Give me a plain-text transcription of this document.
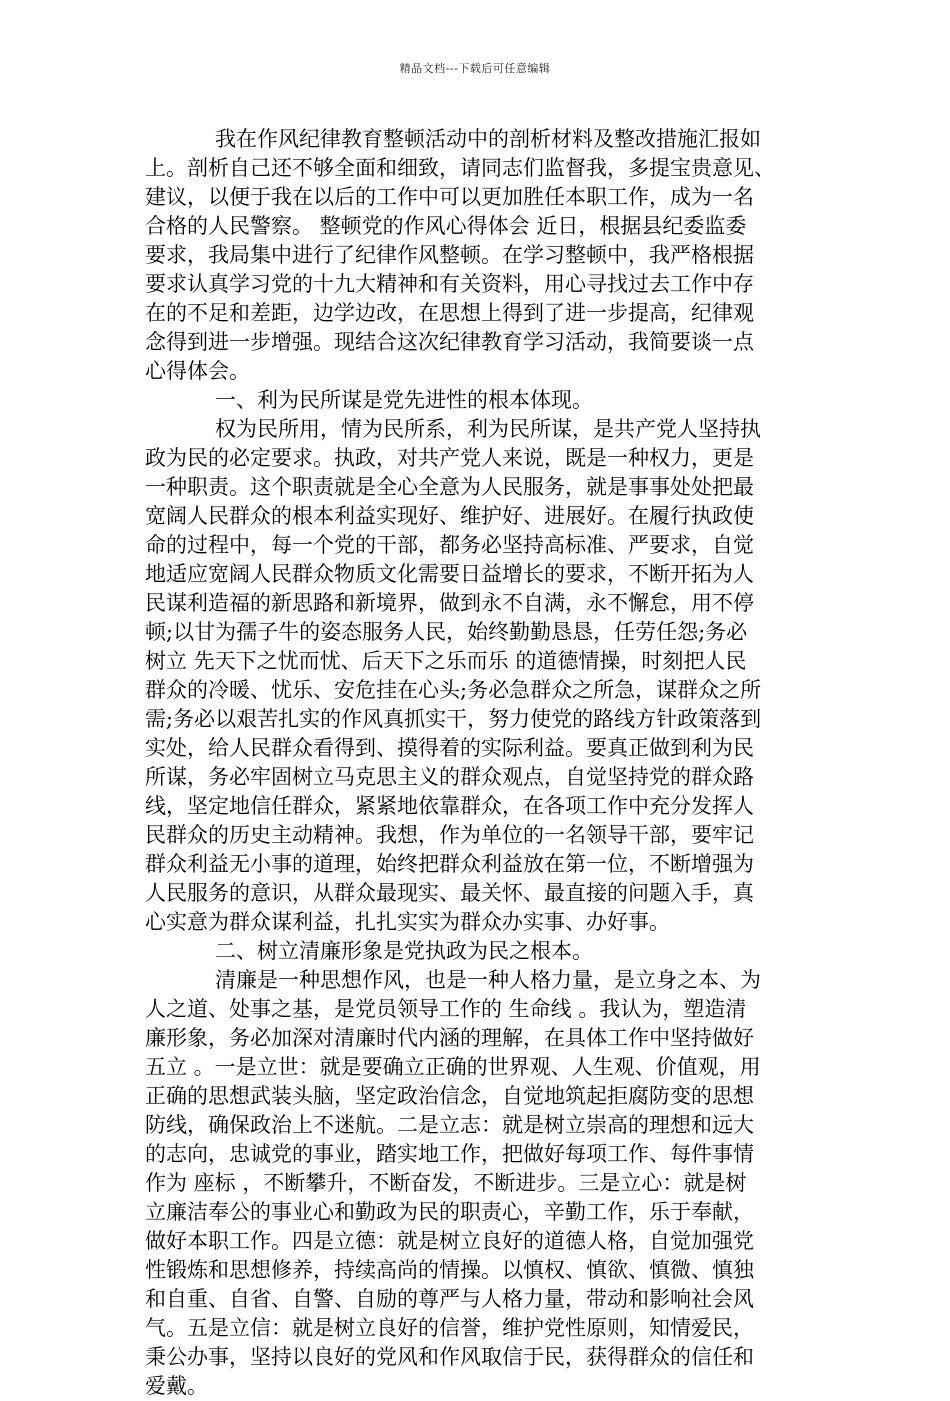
精品文档---下载后可任意编辑
我在作风纪律教育整顿活动中的剖析材料及整改措施汇报如
上。剖析自己还不够全面和细致，请同志们监督我，多提宝贵意见、
建议，以便于我在以后的工作中可以更加胜任本职工作，成为一名
合格的人民警察。 整顿党的作风心得体会 近日，根据县纪委监委
要求，我局集中进行了纪律作风整顿。在学习整顿中，我严格根据
要求认真学习党的十九大精神和有关资料，用心寻找过去工作中存
在的不足和差距，边学边改，在思想上得到了进一步提高，纪律观
念得到进一步增强。现结合这次纪律教育学习活动，我简要谈一点
心得体会。
一、利为民所谋是党先进性的根本体现。
权为民所用，情为民所系，利为民所谋，是共产党人坚持执
政为民的必定要求。执政，对共产党人来说，既是一种权力，更是
一种职责。这个职责就是全心全意为人民服务，就是事事处处把最
宽阔人民群众的根本利益实现好、维护好、进展好。在履行执政使
命的过程中，每一个党的干部，都务必坚持高标准、严要求，自觉
地适应宽阔人民群众物质文化需要日益增长的要求，不断开拓为人
民谋利造福的新思路和新境界，做到永不自满，永不懈怠，用不停
顿;以甘为孺子牛的姿态服务人民，始终勤勤恳恳，任劳任怨;务必
树立 先天下之忧而忧、后天下之乐而乐 的道德情操，时刻把人民
群众的冷暖、忧乐、安危挂在心头;务必急群众之所急，谋群众之所
需;务必以艰苦扎实的作风真抓实干，努力使党的路线方针政策落到
实处，给人民群众看得到、摸得着的实际利益。要真正做到利为民
所谋，务必牢固树立马克思主义的群众观点，自觉坚持党的群众路
线，坚定地信任群众，紧紧地依靠群众，在各项工作中充分发挥人
民群众的历史主动精神。我想，作为单位的一名领导干部，要牢记
群众利益无小事的道理，始终把群众利益放在第一位，不断增强为
人民服务的意识，从群众最现实、最关怀、最直接的问题入手，真
心实意为群众谋利益，扎扎实实为群众办实事、办好事。
二、树立清廉形象是党执政为民之根本。
清廉是一种思想作风，也是一种人格力量，是立身之本、为
人之道、处事之基，是党员领导工作的 生命线 。我认为，塑造清
廉形象，务必加深对清廉时代内涵的理解，在具体工作中坚持做好
五立 。一是立世：就是要确立正确的世界观、人生观、价值观，用
正确的思想武装头脑，坚定政治信念，自觉地筑起拒腐防变的思想
防线，确保政治上不迷航。二是立志：就是树立崇高的理想和远大
的志向，忠诚党的事业，踏实地工作，把做好每项工作、每件事情
作为 座标 ，不断攀升，不断奋发，不断进步。三是立心：就是树
立廉洁奉公的事业心和勤政为民的职责心，辛勤工作，乐于奉献，
做好本职工作。四是立德：就是树立良好的道德人格，自觉加强党
性锻炼和思想修养，持续高尚的情操。以慎权、慎欲、慎微、慎独
和自重、自省、自警、自励的尊严与人格力量，带动和影响社会风
气。五是立信：就是树立良好的信誉，维护党性原则，知情爱民，
秉公办事，坚持以良好的党风和作风取信于民，获得群众的信任和
爱戴。
